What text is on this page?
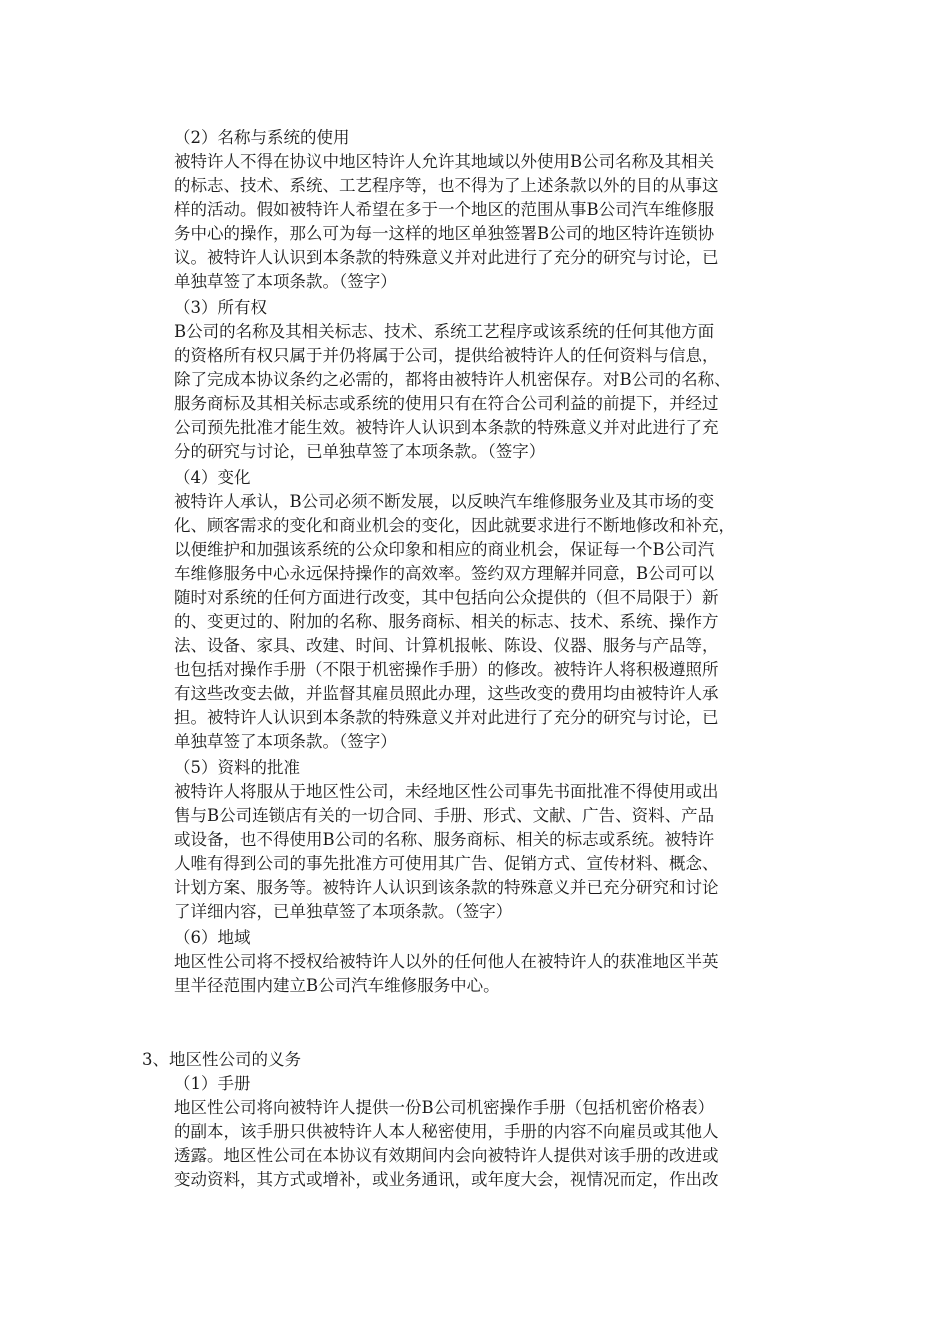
（2）名称与系统的使用
被特许人不得在协议中地区特许人允许其地域以外使用B公司名称及其相关
的标志、技术、系统、工艺程序等，也不得为了上述条款以外的目的从事这
样的活动。假如被特许人希望在多于一个地区的范围从事B公司汽车维修服
务中心的操作，那么可为每一这样的地区单独签署B公司的地区特许连锁协
议。被特许人认识到本条款的特殊意义并对此进行了充分的研究与讨论，已
单独草签了本项条款。（签字）
（3）所有权
B公司的名称及其相关标志、技术、系统工艺程序或该系统的任何其他方面
的资格所有权只属于并仍将属于公司，提供给被特许人的任何资料与信息，
除了完成本协议条约之必需的，都将由被特许人机密保存。对B公司的名称、
服务商标及其相关标志或系统的使用只有在符合公司利益的前提下，并经过
公司预先批准才能生效。被特许人认识到本条款的特殊意义并对此进行了充
分的研究与讨论，已单独草签了本项条款。（签字）
（4）变化
被特许人承认，B公司必须不断发展，以反映汽车维修服务业及其市场的变
化、顾客需求的变化和商业机会的变化，因此就要求进行不断地修改和补充，
以便维护和加强该系统的公众印象和相应的商业机会，保证每一个B公司汽
车维修服务中心永远保持操作的高效率。签约双方理解并同意，B公司可以
随时对系统的任何方面进行改变，其中包括向公众提供的（但不局限于）新
的、变更过的、附加的名称、服务商标、相关的标志、技术、系统、操作方
法、设备、家具、改建、时间、计算机报帐、陈设、仪器、服务与产品等，
也包括对操作手册（不限于机密操作手册）的修改。被特许人将积极遵照所
有这些改变去做，并监督其雇员照此办理，这些改变的费用均由被特许人承
担。被特许人认识到本条款的特殊意义并对此进行了充分的研究与讨论，已
单独草签了本项条款。（签字）
（5）资料的批准
被特许人将服从于地区性公司，未经地区性公司事先书面批准不得使用或出
售与B公司连锁店有关的一切合同、手册、形式、文献、广告、资料、产品
或设备，也不得使用B公司的名称、服务商标、相关的标志或系统。被特许
人唯有得到公司的事先批准方可使用其广告、促销方式、宣传材料、概念、
计划方案、服务等。被特许人认识到该条款的特殊意义并已充分研究和讨论
了详细内容，已单独草签了本项条款。（签字）
（6）地域
地区性公司将不授权给被特许人以外的任何他人在被特许人的获准地区半英
里半径范围内建立B公司汽车维修服务中心。
3、地区性公司的义务
（1）手册
地区性公司将向被特许人提供一份B公司机密操作手册（包括机密价格表）
的副本，该手册只供被特许人本人秘密使用，手册的内容不向雇员或其他人
透露。地区性公司在本协议有效期间内会向被特许人提供对该手册的改进或
变动资料，其方式或增补，或业务通讯，或年度大会，视情况而定，作出改
